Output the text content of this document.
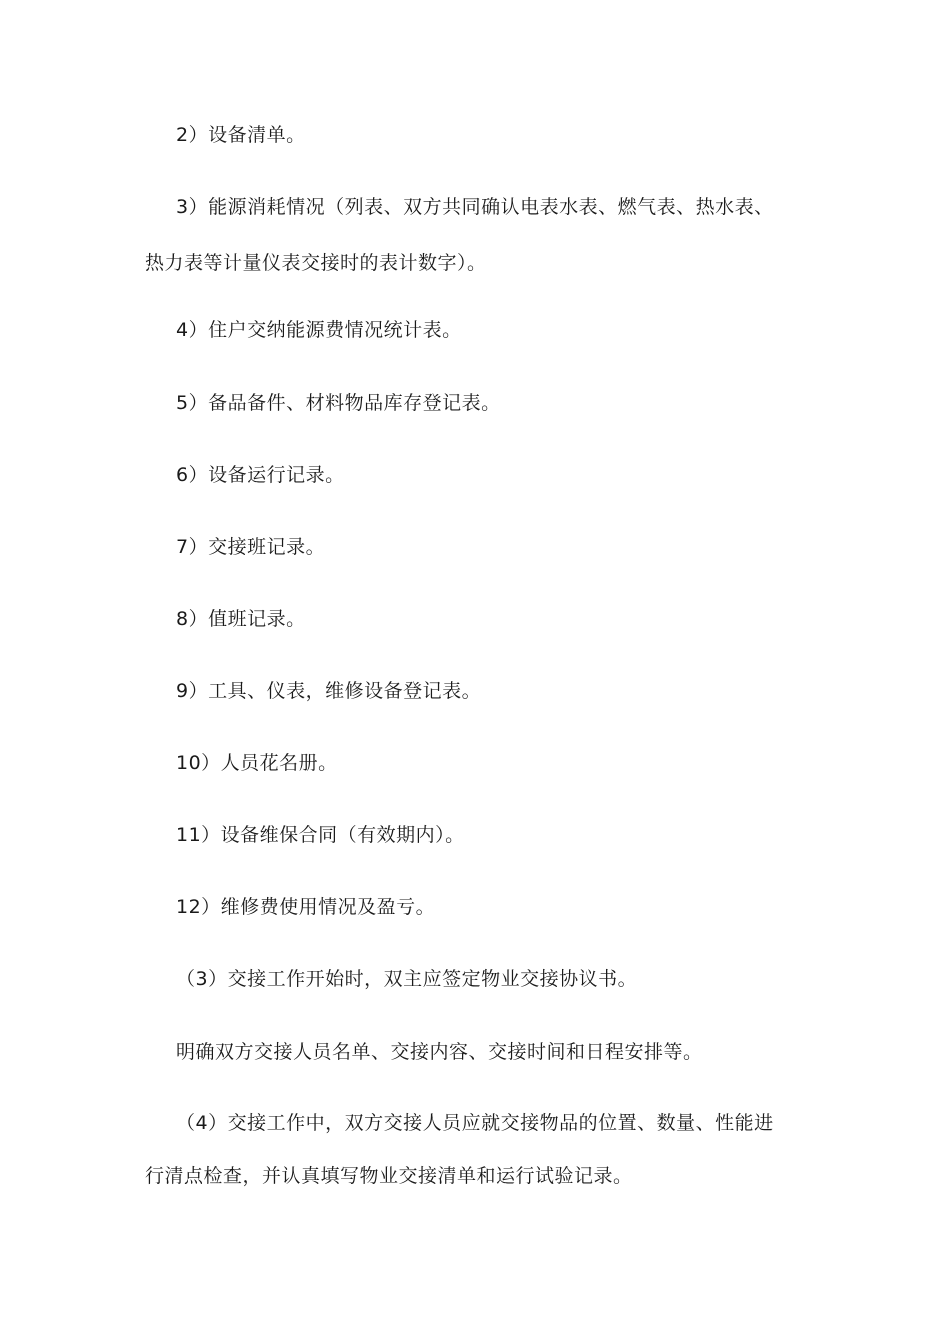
2）设备清单。
3）能源消耗情况（列表、双方共同确认电表水表、燃气表、热水表、
热力表等计量仪表交接时的表计数字）。
4）住户交纳能源费情况统计表。
5）备品备件、材料物品库存登记表。
6）设备运行记录。
7）交接班记录。
8）值班记录。
9）工具、仪表，维修设备登记表。
10）人员花名册。
11）设备维保合同（有效期内）。
12）维修费使用情况及盈亏。
（3）交接工作开始时，双主应签定物业交接协议书。
明确双方交接人员名单、交接内容、交接时间和日程安排等。
（4）交接工作中，双方交接人员应就交接物品的位置、数量、性能进
行清点检查，并认真填写物业交接清单和运行试验记录。
